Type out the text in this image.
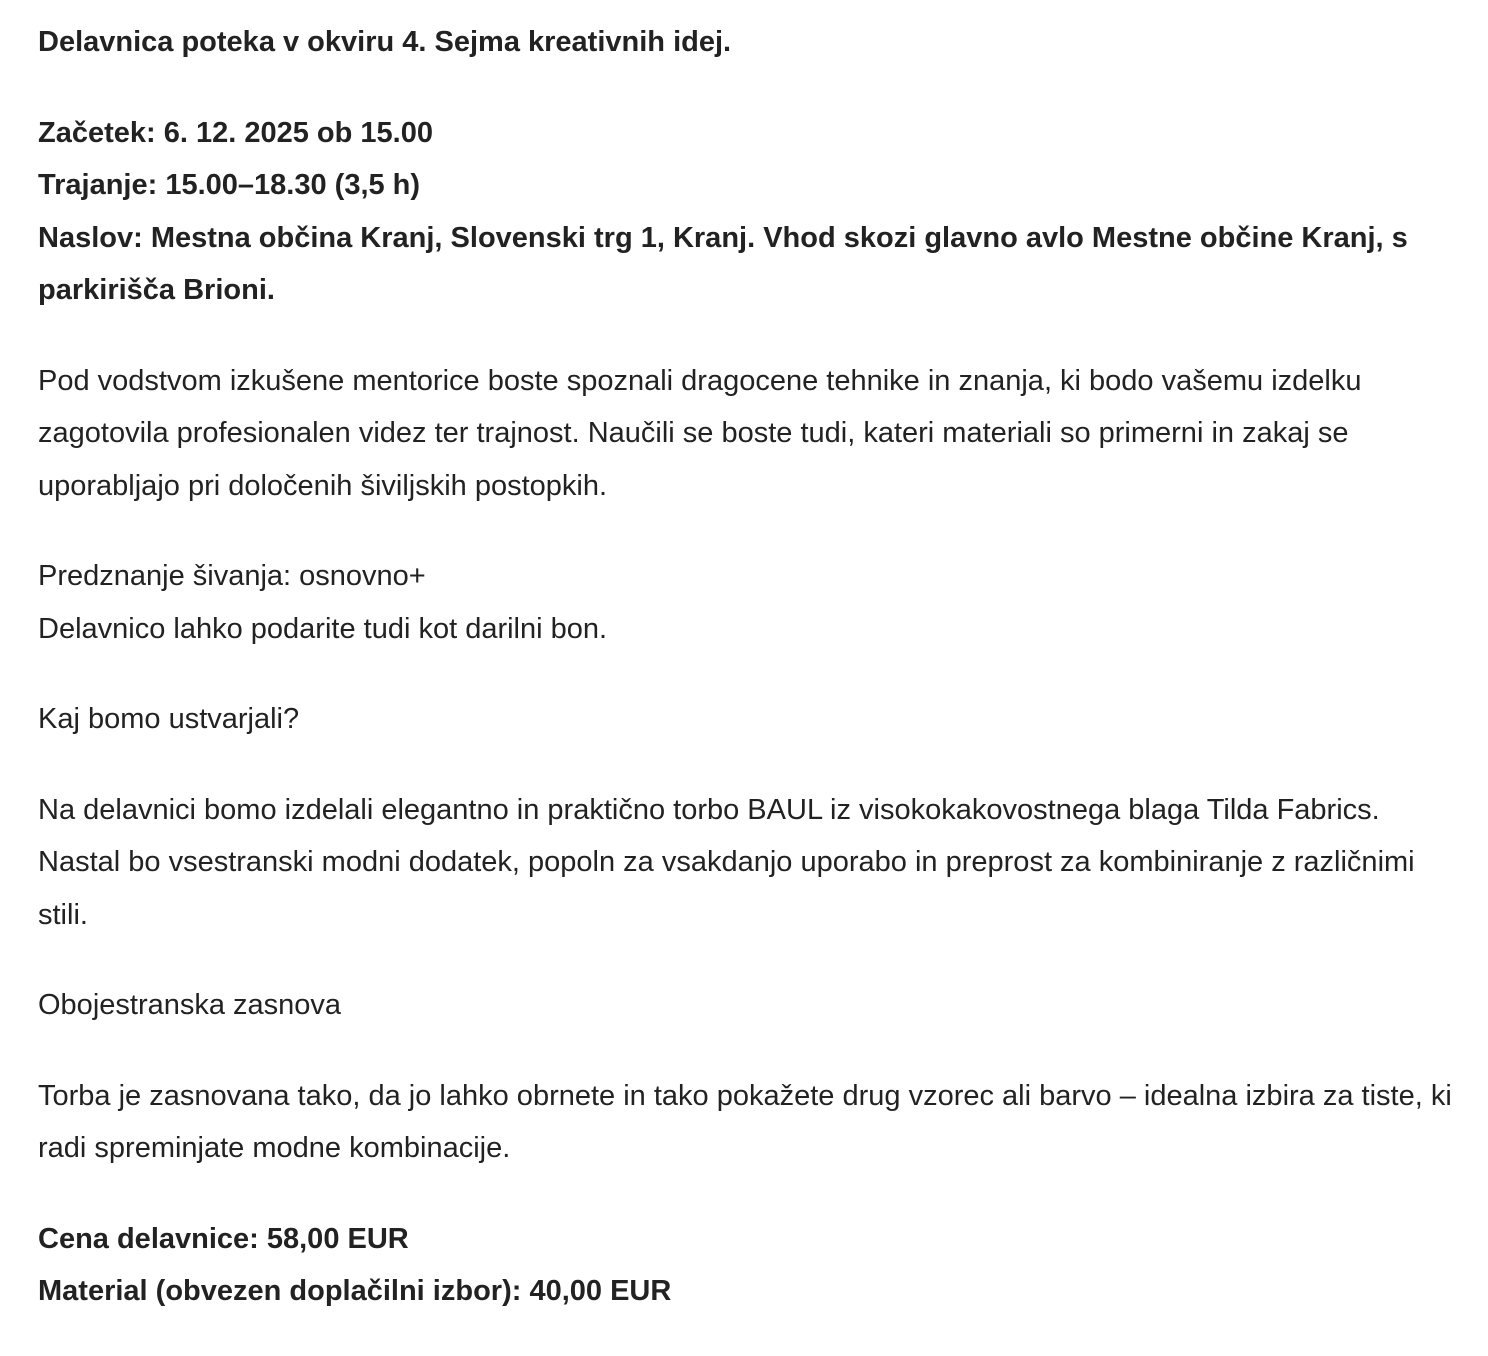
Delavnica poteka v okviru 4. Sejma kreativnih idej.

Začetek: 6. 12. 2025 ob 15.00
Trajanje: 15.00–18.30 (3,5 h)
Naslov: Mestna občina Kranj, Slovenski trg 1, Kranj. Vhod skozi glavno avlo Mestne občine Kranj, s parkirišča Brioni.

Pod vodstvom izkušene mentorice boste spoznali dragocene tehnike in znanja, ki bodo vašemu izdelku zagotovila profesionalen videz ter trajnost. Naučili se boste tudi, kateri materiali so primerni in zakaj se uporabljajo pri določenih šiviljskih postopkih.

Predznanje šivanja: osnovno+
Delavnico lahko podarite tudi kot darilni bon.

Kaj bomo ustvarjali?

Na delavnici bomo izdelali elegantno in praktično torbo BAUL iz visokokakovostnega blaga Tilda Fabrics. Nastal bo vsestranski modni dodatek, popoln za vsakdanjo uporabo in preprost za kombiniranje z različnimi stili.

Obojestranska zasnova

Torba je zasnovana tako, da jo lahko obrnete in tako pokažete drug vzorec ali barvo – idealna izbira za tiste, ki radi spreminjate modne kombinacije.

Cena delavnice: 58,00 EUR
Material (obvezen doplačilni izbor): 40,00 EUR
